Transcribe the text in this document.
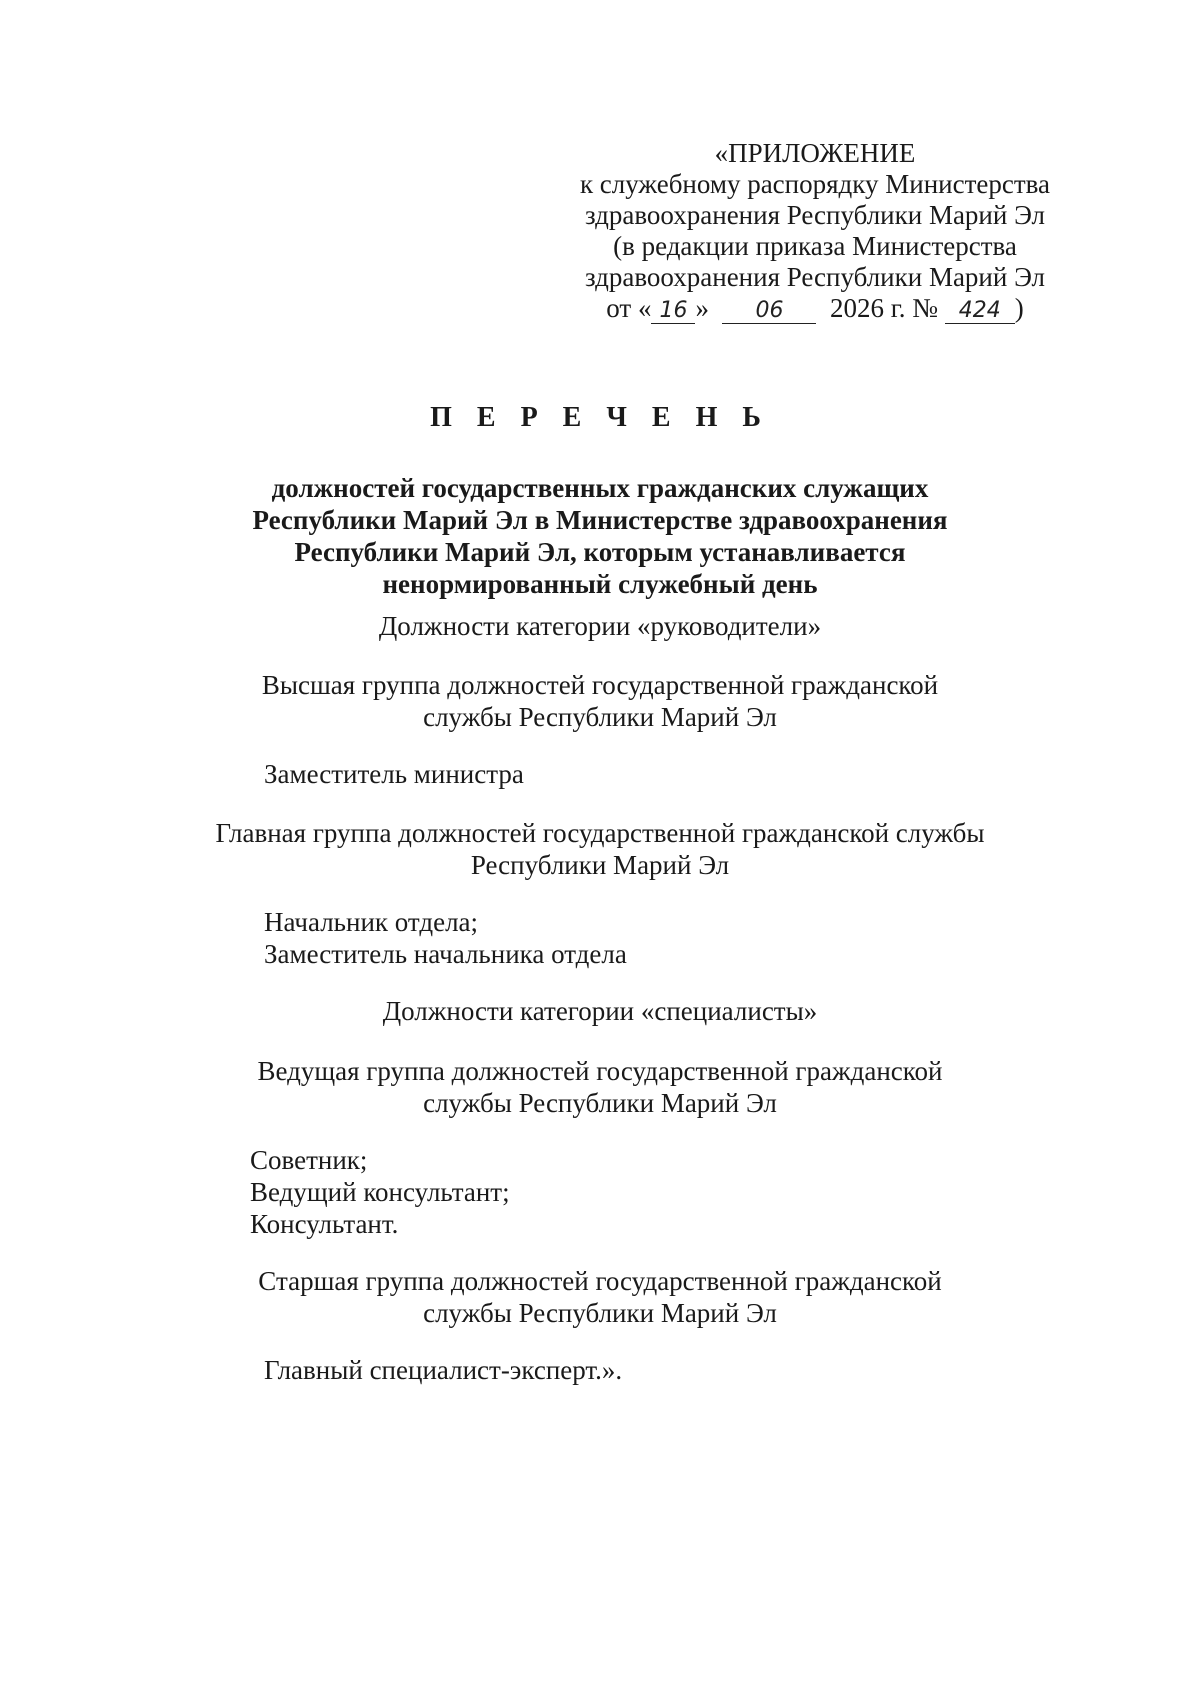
«ПРИЛОЖЕНИЕ
к служебному распорядку Министерства
здравоохранения Республики Марий Эл
(в редакции приказа Министерства
здравоохранения Республики Марий Эл
от « 16 » 06 2026 г. № 424 )
П Е Р Е Ч Е Н Ь
должностей государственных гражданских служащих
Республики Марий Эл в Министерстве здравоохранения
Республики Марий Эл, которым устанавливается
ненормированный служебный день
Должности категории «руководители»
Высшая группа должностей государственной гражданской
службы Республики Марий Эл
Заместитель министра
Главная группа должностей государственной гражданской службы
Республики Марий Эл
Начальник отдела;
Заместитель начальника отдела
Должности категории «специалисты»
Ведущая группа должностей государственной гражданской
службы Республики Марий Эл
Советник;
Ведущий консультант;
Консультант.
Старшая группа должностей государственной гражданской
службы Республики Марий Эл
Главный специалист-эксперт.».
